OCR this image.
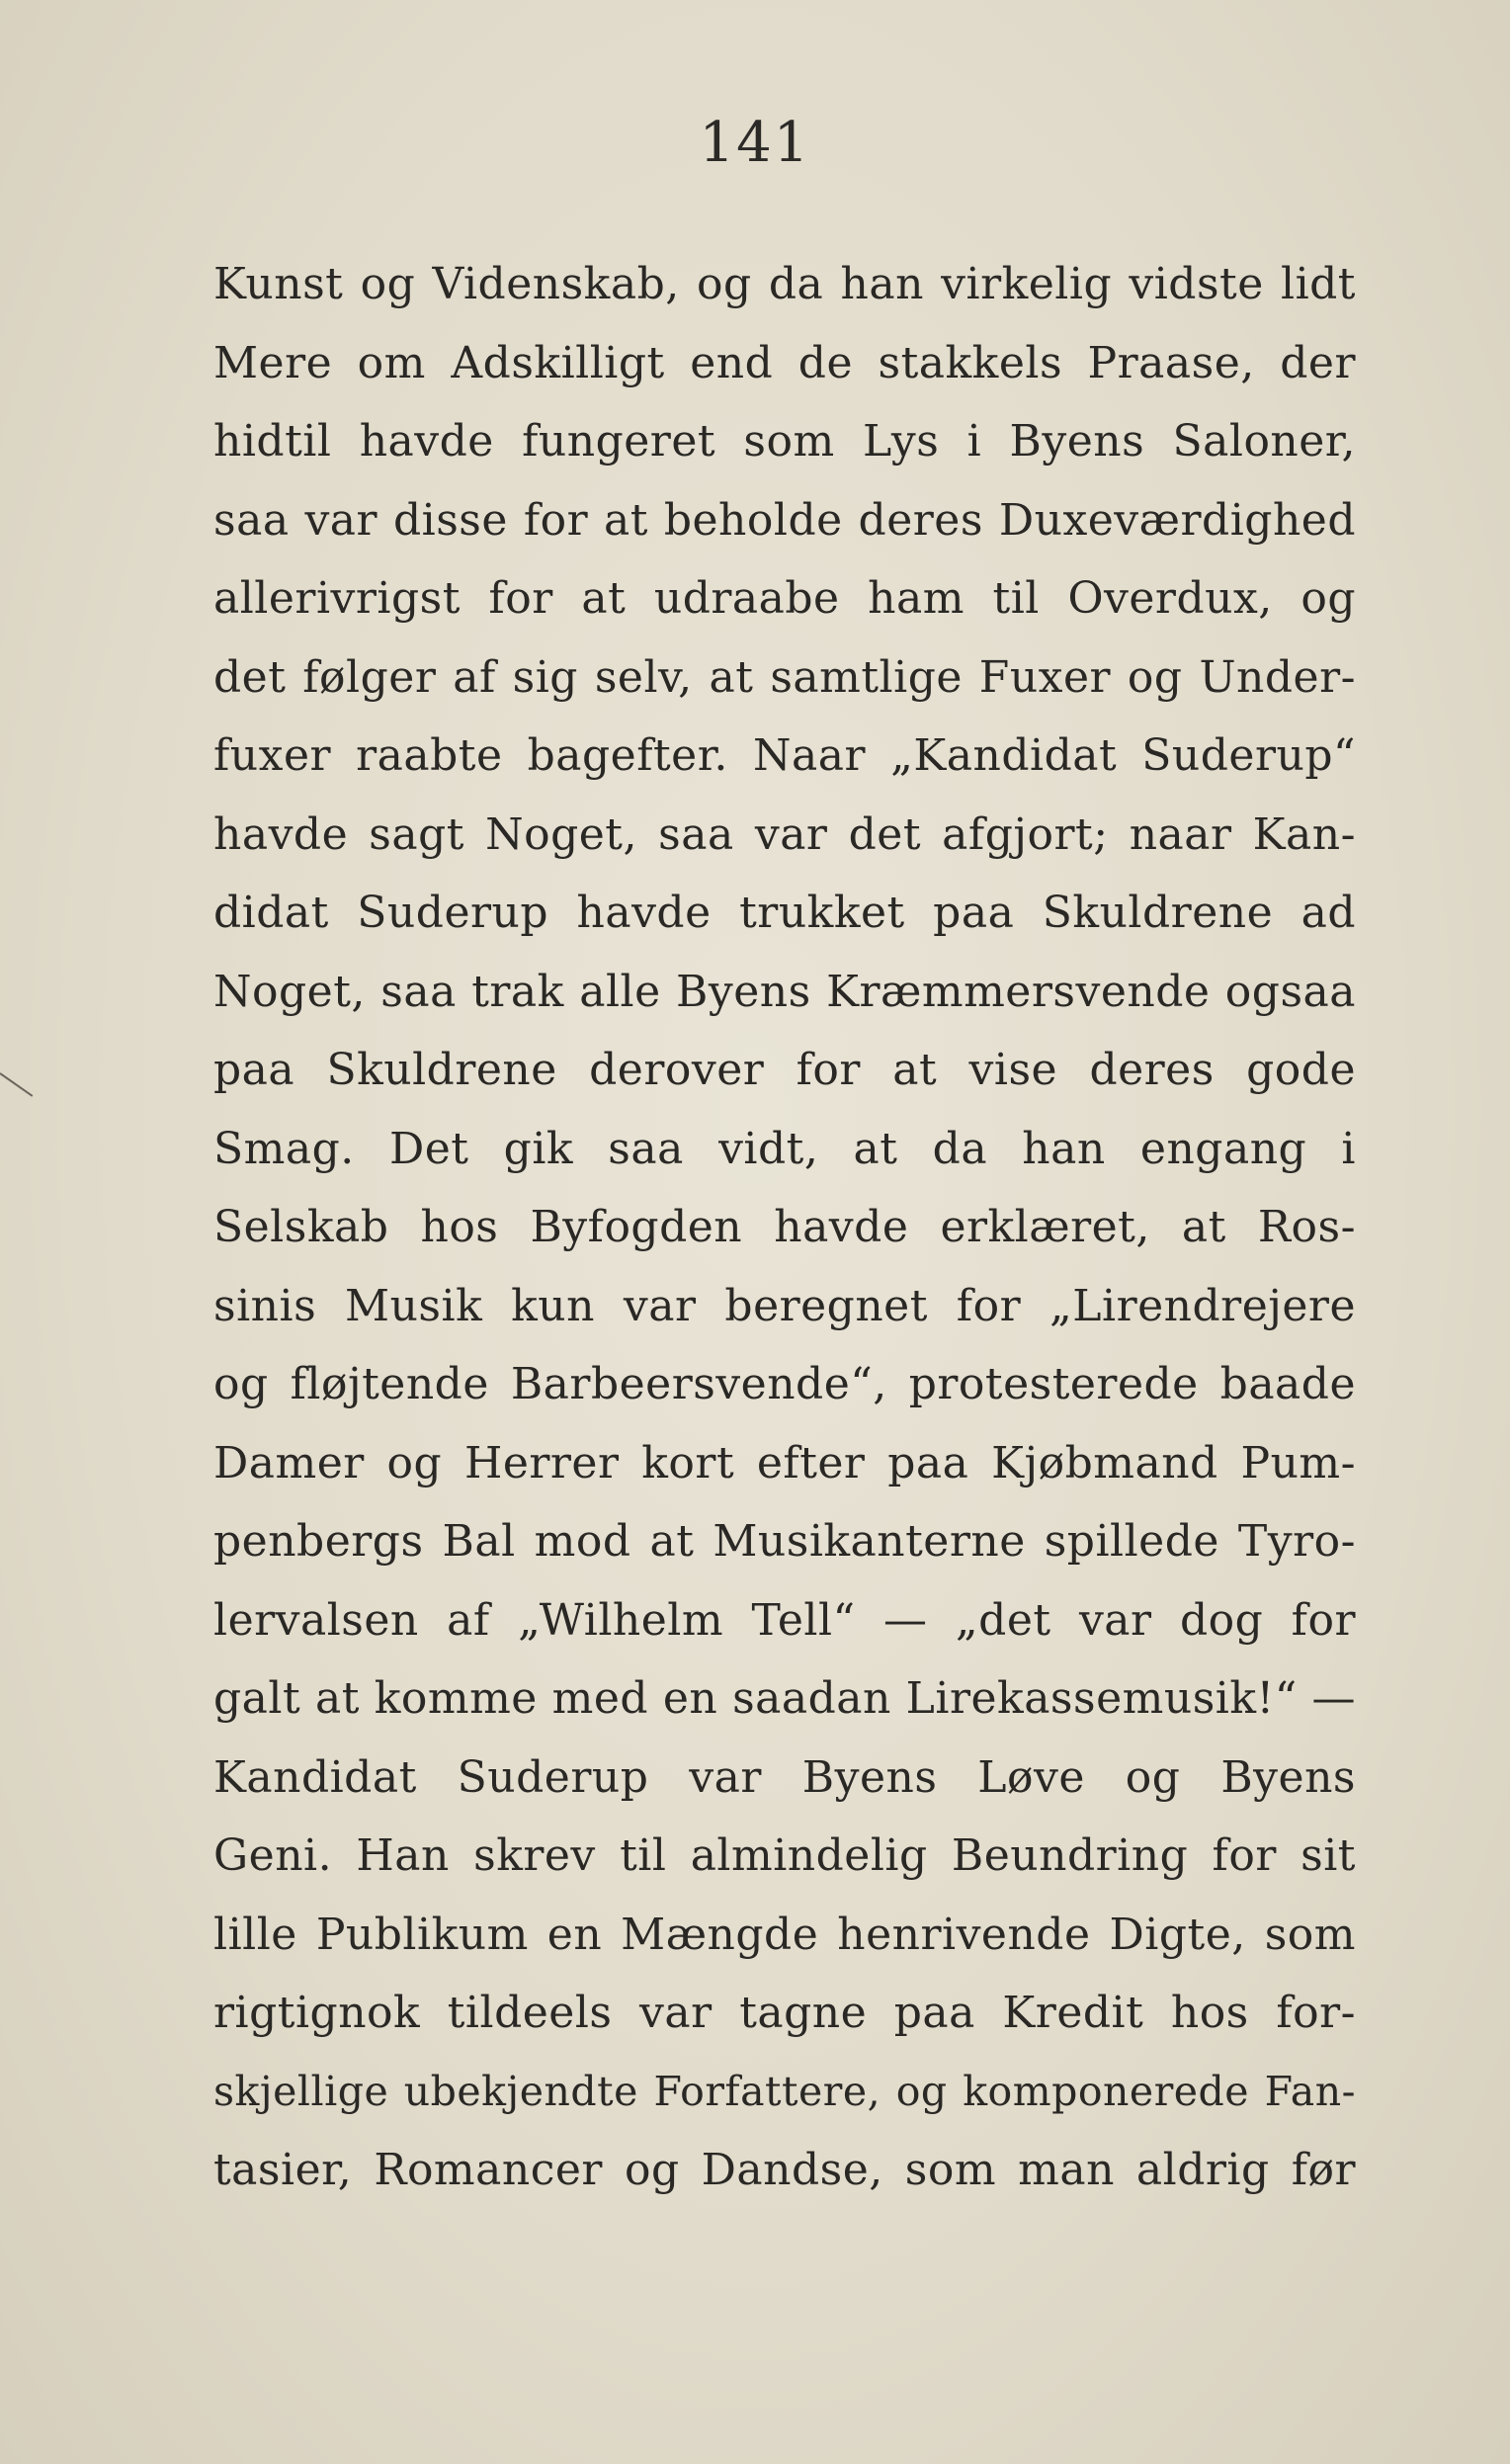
141
Kunst og Videnskab, og da han virkelig vidste lidt
Mere om Adskilligt end de stakkels Praase, der
hidtil havde fungeret som Lys i Byens Saloner,
saa var disse for at beholde deres Duxeværdighed
allerivrigst for at udraabe ham til Overdux, og
det følger af sig selv, at samtlige Fuxer og Under-
fuxer raabte bagefter. Naar „Kandidat Suderup“
havde sagt Noget, saa var det afgjort; naar Kan-
didat Suderup havde trukket paa Skuldrene ad
Noget, saa trak alle Byens Kræmmersvende ogsaa
paa Skuldrene derover for at vise deres gode
Smag. Det gik saa vidt, at da han engang i
Selskab hos Byfogden havde erklæret, at Ros-
sinis Musik kun var beregnet for „Lirendrejere
og fløjtende Barbeersvende“, protesterede baade
Damer og Herrer kort efter paa Kjøbmand Pum-
penbergs Bal mod at Musikanterne spillede Tyro-
lervalsen af „Wilhelm Tell“ — „det var dog for
galt at komme med en saadan Lirekassemusik!“ —
Kandidat Suderup var Byens Løve og Byens
Geni. Han skrev til almindelig Beundring for sit
lille Publikum en Mængde henrivende Digte, som
rigtignok tildeels var tagne paa Kredit hos for-
skjellige ubekjendte Forfattere, og komponerede Fan-
tasier, Romancer og Dandse, som man aldrig før
